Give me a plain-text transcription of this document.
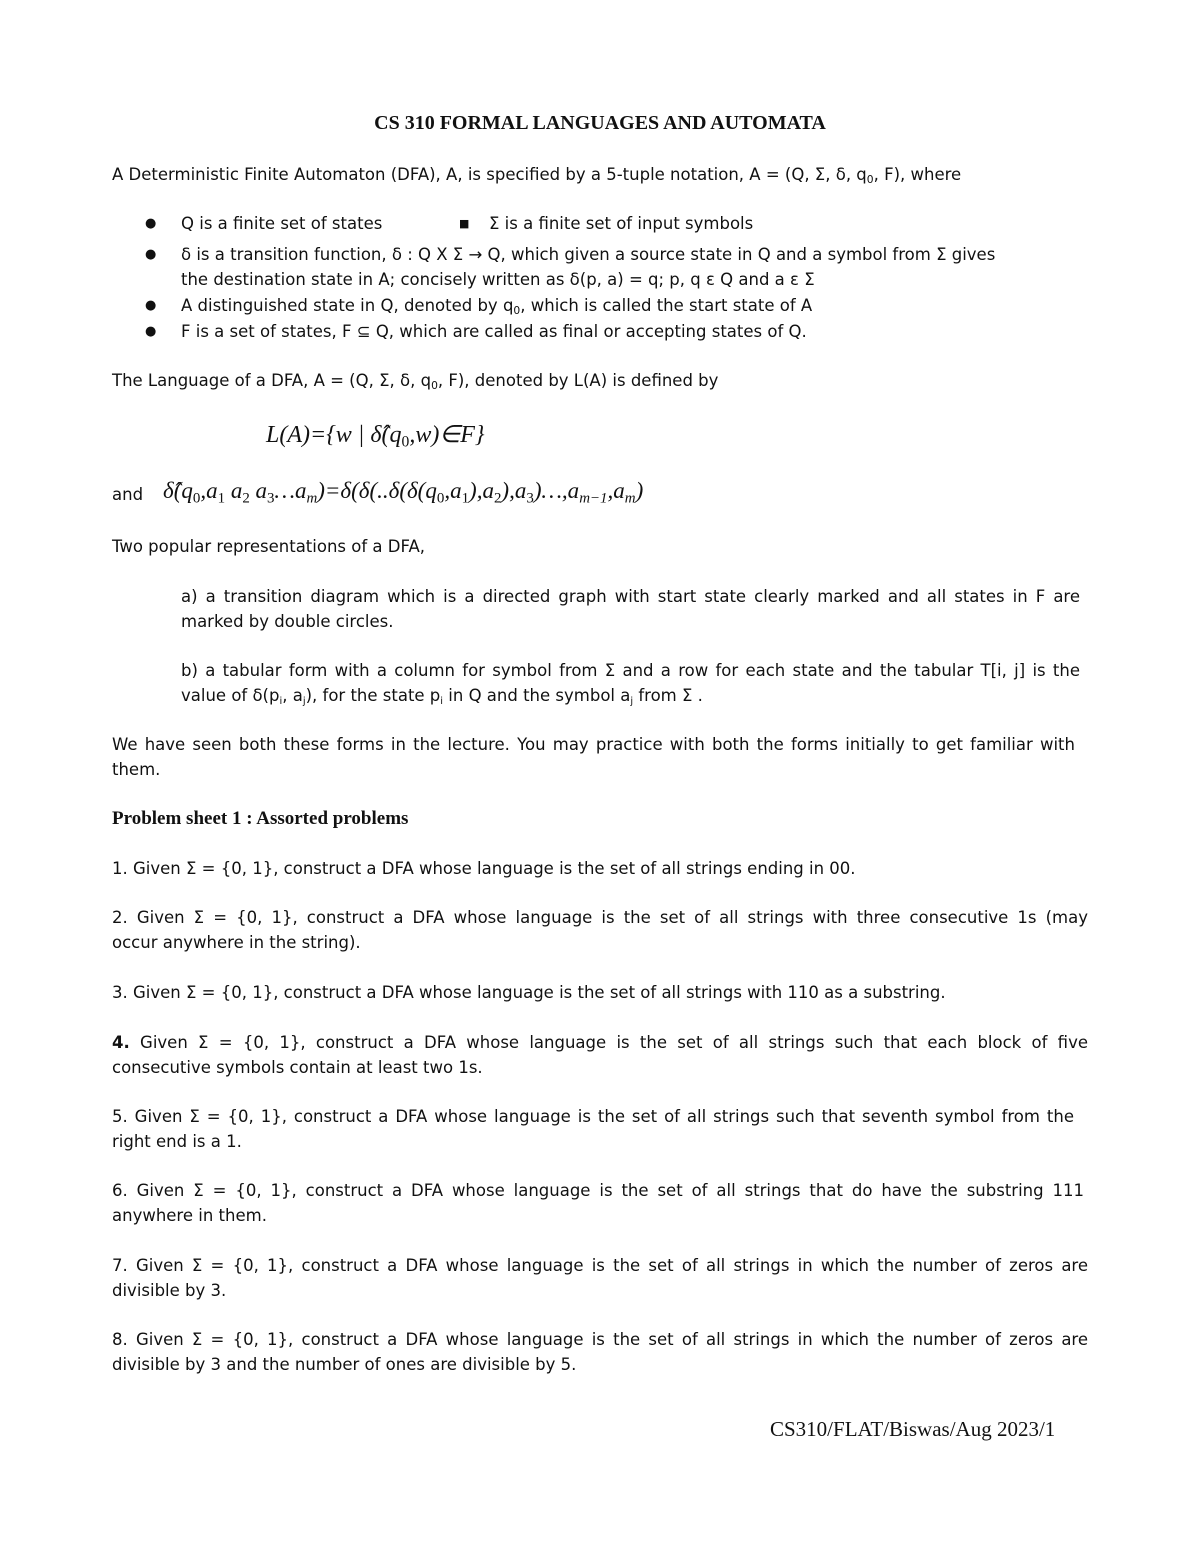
CS 310 FORMAL LANGUAGES AND AUTOMATA
A Deterministic Finite Automaton (DFA), A, is specified by a 5-tuple notation, A = (Q, Σ, δ, $q_0$, F), where
● Q is a finite set of states	■ Σ is a finite set of input symbols
● δ is a transition function, δ : Q X Σ → Q, which given a source state in Q and a symbol from Σ gives
the destination state in A; concisely written as δ(p, a) = q; p, q ε Q and a ε Σ
● A distinguished state in Q, denoted by $q_0$, which is called the start state of A
● F is a set of states, F ⊆ Q, which are called as final or accepting states of Q.
The Language of a DFA, A = (Q, Σ, δ, $q_0$, F), denoted by L(A) is defined by
L(A)={w | $\deltâ(q_0,w)\in F$}
and $\deltâ(q_0,a_1$ $a_2$ $a_3\dots a_m)=\delta(\delta(..\delta(\delta(q_0,a_1),a_2),a_3)\dots,a_{m-1},a_m)$
Two popular representations of a DFA,
a) a transition diagram which is a directed graph with start state clearly marked and all states in F are
marked by double circles.
b) a tabular form with a column for symbol from Σ and a row for each state and the tabular T[i, j] is the
value of $\delta(p_i$, $a_j$), for the state $p_i$ in Q and the symbol $a_j$ from Σ .
We have seen both these forms in the lecture. You may practice with both the forms initially to get familiar with
them.
Problem sheet 1 : Assorted problems
1. Given Σ = {0, 1}, construct a DFA whose language is the set of all strings ending in 00.
2. Given Σ = {0, 1}, construct a DFA whose language is the set of all strings with three consecutive 1s (may
occur anywhere in the string).
3. Given Σ = {0, 1}, construct a DFA whose language is the set of all strings with 110 as a substring.
4. Given Σ = {0, 1}, construct a DFA whose language is the set of all strings such that each block of five
consecutive symbols contain at least two 1s.
5. Given Σ = {0, 1}, construct a DFA whose language is the set of all strings such that seventh symbol from the
right end is a 1.
6. Given Σ = {0, 1}, construct a DFA whose language is the set of all strings that do have the substring 111
anywhere in them.
7. Given Σ = {0, 1}, construct a DFA whose language is the set of all strings in which the number of zeros are
divisible by 3.
8. Given Σ = {0, 1}, construct a DFA whose language is the set of all strings in which the number of zeros are
divisible by 3 and the number of ones are divisible by 5.
CS310/FLAT/Biswas/Aug 2023/1
